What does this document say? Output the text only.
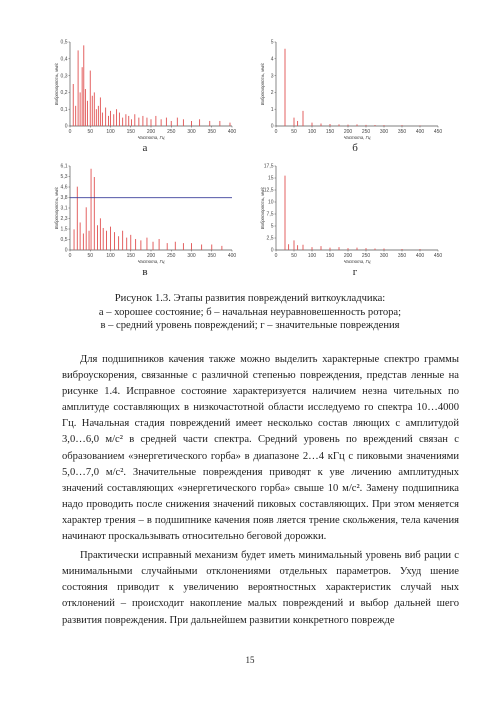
0
0,1
0,2
0,3
0,4
0,5
0	50	100 150 200 250 300 350 400
Виброскорость, мм/с
Частота, Гц
а
0
1
2
3
4
5
0	50 100 150 200 250 300 350 400 450
Виброскорость, мм/с
Частота, Гц
б
0
0,5
1,5
2,3
3,1
3,8
4,6
5,3
6,1
0	50	100 150 200 250 300 350 400
Виброскорость, мм/с
Частота, Гц
в
0
2,5
5
7,5
10
12,5
15
17,5
0	50 100 150 200 250 300 350 400 450
Виброскорость, мм/с
Частота, Гц
г
Рисунок 1.3. Этапы развития повреждений виткоукладчика:
а – хорошее состояние; б – начальная неуравновешенность ротора;
в – средний уровень повреждений; г – значительные повреждения

Для подшипников качения также можно выделить характерные спектро граммы виброускорения, связанные с различной степенью повреждения, представ ленные на рисунке 1.4. Исправное состояние характеризуется наличием незна чительных по амплитуде составляющих в низкочастотной области исследуемо го спектра 10…4000 Гц. Начальная стадия повреждений имеет несколько состав ляющих с амплитудой 3,0…6,0 м/с² в средней части спектра. Средний уровень по вреждений связан с образованием «энергетического горба» в диапазоне 2…4 кГц с пиковыми значениями 5,0…7,0 м/с². Значительные повреждения приводят к уве личению амплитудных значений составляющих «энергетического горба» свыше 10 м/с². Замену подшипника надо проводить после снижения значений пиковых составляющих. При этом меняется характер трения – в подшипнике качения появ ляется трение скольжения, тела качения начинают проскальзывать относительно беговой дорожки.

Практически исправный механизм будет иметь минимальный уровень виб рации с минимальными случайными отклонениями отдельных параметров. Ухуд шение состояния приводит к увеличению вероятностных характеристик случай ных отклонений – происходит накопление малых повреждений и выбор дальней шего развития повреждения. При дальнейшем развитии конкретного поврежде

15
